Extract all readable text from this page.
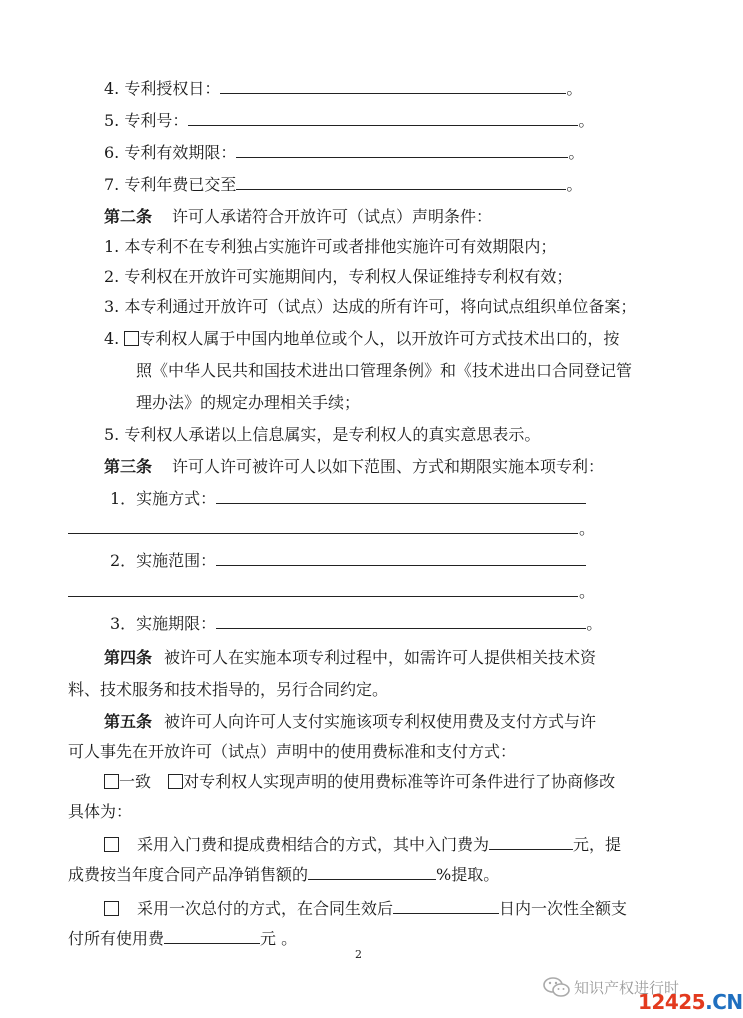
4. 专利授权日：	。
5. 专利号：	。
6. 专利有效期限：	。
7. 专利年费已交至	。
第二条 许可人承诺符合开放许可（试点）声明条件：
1. 本专利不在专利独占实施许可或者排他实施许可有效期限内；
2. 专利权在开放许可实施期间内，专利权人保证维持专利权有效；
3. 本专利通过开放许可（试点）达成的所有许可，将向试点组织单位备案；
4. 专利权人属于中国内地单位或个人，以开放许可方式技术出口的，按
照《中华人民共和国技术进出口管理条例》和《技术进出口合同登记管
理办法》的规定办理相关手续；
5. 专利权人承诺以上信息属实，是专利权人的真实意思表示。
第三条 许可人许可被许可人以如下范围、方式和期限实施本项专利：
1．实施方式：
。
2．实施范围：
。
3．实施期限：	。
第四条 被许可人在实施本项专利过程中，如需许可人提供相关技术资
料、技术服务和技术指导的，另行合同约定。
第五条 被许可人向许可人支付实施该项专利权使用费及支付方式与许
可人事先在开放许可（试点）声明中的使用费标准和支付方式：
一致 对专利权人实现声明的使用费标准等许可条件进行了协商修改
具体为：
采用入门费和提成费相结合的方式，其中入门费为	元，提
成费按当年度合同产品净销售额的	%提取。
采用一次总付的方式，在合同生效后	日内一次性全额支
付所有使用费	元 。
2
知识产权进行时
12425.CN
